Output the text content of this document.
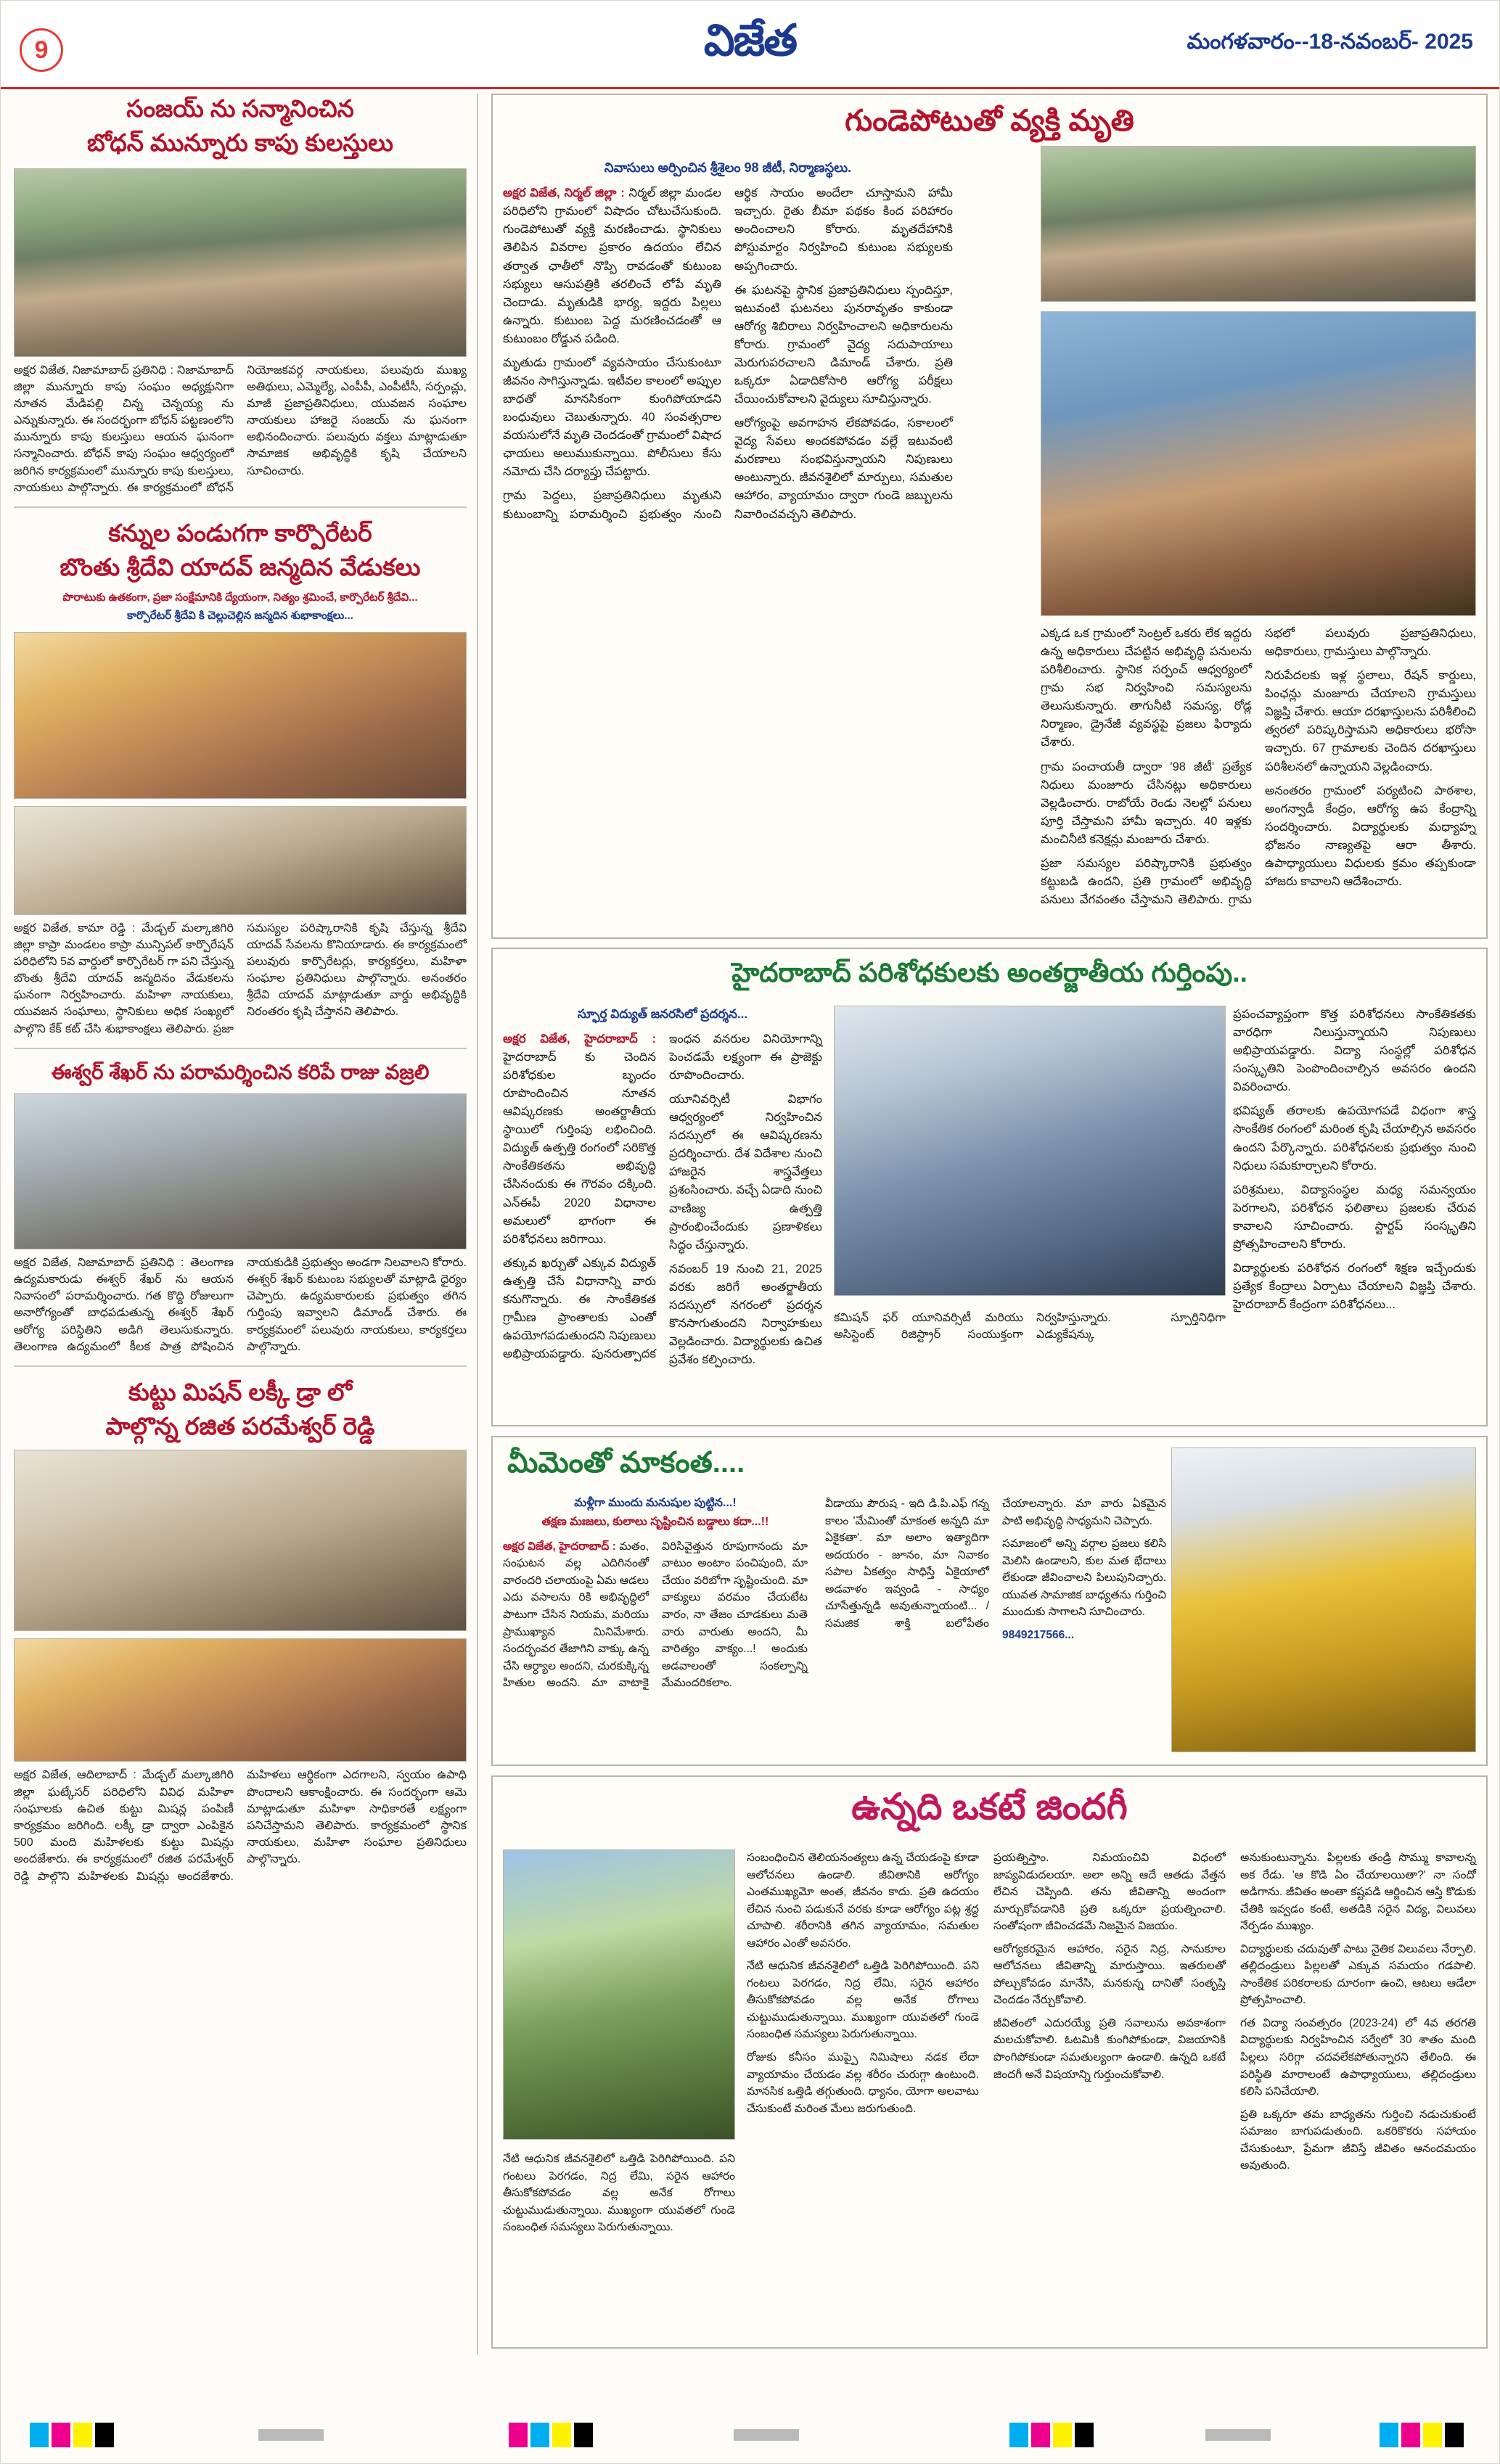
9	విజేత	మంగళవారం--18-నవంబర్- 2025
సంజయ్ ను సన్మానించిన
బోధన్ మున్నూరు కాపు కులస్తులు
అక్షర విజేత, నిజామాబాద్ ప్రతినిధి : నిజామాబాద్ జిల్లా మున్నూరు కాపు సంఘం అధ్యక్షునిగా నూతన మేడిపల్లి చిన్న చెన్నయ్య ను ఎన్నుకున్నారు. ఈ సందర్భంగా బోధన్ పట్టణంలోని మున్నూరు కాపు కులస్తులు ఆయన ఘనంగా సన్మానించారు. బోధన్ కాపు సంఘం ఆధ్వర్యంలో జరిగిన కార్యక్రమంలో మున్నూరు కాపు కులస్తులు, నాయకులు పాల్గొన్నారు. ఈ కార్యక్రమంలో బోధన్ నియోజకవర్గ నాయకులు, పలువురు ముఖ్య అతిథులు, ఎమ్మెల్యే, ఎంపీపీ, ఎంపీటీసీ, సర్పంచ్లు, మాజీ ప్రజాప్రతినిధులు, యువజన సంఘాల నాయకులు హాజరై సంజయ్ ను ఘనంగా అభినందించారు. పలువురు వక్తలు మాట్లాడుతూ సామాజిక అభివృద్ధికి కృషి చేయాలని సూచించారు.
కన్నుల పండుగగా కార్పొరేటర్
బొంతు శ్రీదేవి యాదవ్ జన్మదిన వేడుకలు
పొరాటుకు ఉతకంగా, ప్రజా సంక్షేమానికి ద్యేయంగా, నిత్యం శ్రమించే, కార్పొరేటర్ శ్రీదేవి...
కార్పొరేటర్ శ్రీదేవి కి చెల్లుచెల్లిన జన్మదిన శుభాకాంక్షలు...
అక్షర విజేత, కామా రెడ్డి : మేడ్చల్ మల్కాజిగిరి జిల్లా కాప్రా మండలం కాప్రా మున్సిపల్ కార్పొరేషన్ పరిధిలోని 5వ వార్డులో కార్పొరేటర్ గా పని చేస్తున్న బొంతు శ్రీదేవి యాదవ్ జన్మదినం వేడుకలను ఘనంగా నిర్వహించారు. మహిళా నాయకులు, యువజన సంఘాలు, స్థానికులు అధిక సంఖ్యలో పాల్గొని కేక్ కట్ చేసి శుభాకాంక్షలు తెలిపారు. ప్రజా సమస్యల పరిష్కారానికి కృషి చేస్తున్న శ్రీదేవి యాదవ్ సేవలను కొనియాడారు. ఈ కార్యక్రమంలో పలువురు కార్పొరేటర్లు, కార్యకర్తలు, మహిళా సంఘాల ప్రతినిధులు పాల్గొన్నారు. అనంతరం శ్రీదేవి యాదవ్ మాట్లాడుతూ వార్డు అభివృద్ధికి నిరంతరం కృషి చేస్తానని తెలిపారు.
ఈశ్వర్ శేఖర్ ను పరామర్శించిన కరిపే రాజు వజ్రలి
అక్షర విజేత, నిజామాబాద్ ప్రతినిధి : తెలంగాణ ఉద్యమకారుడు ఈశ్వర్ శేఖర్ ను ఆయన నివాసంలో పరామర్శించారు. గత కొద్ది రోజులుగా అనారోగ్యంతో బాధపడుతున్న ఈశ్వర్ శేఖర్ ఆరోగ్య పరిస్థితిని అడిగి తెలుసుకున్నారు. తెలంగాణ ఉద్యమంలో కీలక పాత్ర పోషించిన నాయకుడికి ప్రభుత్వం అండగా నిలవాలని కోరారు. ఈశ్వర్ శేఖర్ కుటుంబ సభ్యులతో మాట్లాడి ధైర్యం చెప్పారు. ఉద్యమకారులకు ప్రభుత్వం తగిన గుర్తింపు ఇవ్వాలని డిమాండ్ చేశారు. ఈ కార్యక్రమంలో పలువురు నాయకులు, కార్యకర్తలు పాల్గొన్నారు.
కుట్టు మిషన్ లక్కీ డ్రా లో
పాల్గొన్న రజిత పరమేశ్వర్ రెడ్డి
అక్షర విజేత, ఆదిలాబాద్ : మేడ్చల్ మల్కాజిగిరి జిల్లా ఘట్కేసర్ పరిధిలోని వివిధ మహిళా సంఘాలకు ఉచిత కుట్టు మిషన్ల పంపిణీ కార్యక్రమం జరిగింది. లక్కీ డ్రా ద్వారా ఎంపికైన 500 మంది మహిళలకు కుట్టు మిషన్లు అందజేశారు. ఈ కార్యక్రమంలో రజిత పరమేశ్వర్ రెడ్డి పాల్గొని మహిళలకు మిషన్లు అందజేశారు. మహిళలు ఆర్థికంగా ఎదగాలని, స్వయం ఉపాధి పొందాలని ఆకాంక్షించారు. ఈ సందర్భంగా ఆమె మాట్లాడుతూ మహిళా సాధికారతే లక్ష్యంగా పనిచేస్తామని తెలిపారు. కార్యక్రమంలో స్థానిక నాయకులు, మహిళా సంఘాల ప్రతినిధులు పాల్గొన్నారు.
గుండెపోటుతో వ్యక్తి మృతి
నివాసులు అర్పించిన శ్రీశైలం 98 జీటీ, నిర్మాణస్థలు.
అక్షర విజేత, నిర్మల్ జిల్లా : నిర్మల్ జిల్లా మండల పరిధిలోని గ్రామంలో విషాదం చోటుచేసుకుంది. గుండెపోటుతో వ్యక్తి మరణించాడు. స్థానికులు తెలిపిన వివరాల ప్రకారం ఉదయం లేచిన తర్వాత ఛాతీలో నొప్పి రావడంతో కుటుంబ సభ్యులు ఆసుపత్రికి తరలించే లోపే మృతి చెందాడు. మృతుడికి భార్య, ఇద్దరు పిల్లలు ఉన్నారు. కుటుంబ పెద్ద మరణించడంతో ఆ కుటుంబం రోడ్డున పడింది.
మృతుడు గ్రామంలో వ్యవసాయం చేసుకుంటూ జీవనం సాగిస్తున్నాడు. ఇటీవల కాలంలో అప్పుల బాధతో మానసికంగా కుంగిపోయాడని బంధువులు చెబుతున్నారు. 40 సంవత్సరాల వయసులోనే మృతి చెందడంతో గ్రామంలో విషాద ఛాయలు అలుముకున్నాయి. పోలీసులు కేసు నమోదు చేసి దర్యాప్తు చేపట్టారు.
గ్రామ పెద్దలు, ప్రజాప్రతినిధులు మృతుని కుటుంబాన్ని పరామర్శించి ప్రభుత్వం నుంచి ఆర్థిక సాయం అందేలా చూస్తామని హామీ ఇచ్చారు. రైతు బీమా పథకం కింద పరిహారం అందించాలని కోరారు. మృతదేహానికి పోస్టుమార్టం నిర్వహించి కుటుంబ సభ్యులకు అప్పగించారు.
ఈ ఘటనపై స్థానిక ప్రజాప్రతినిధులు స్పందిస్తూ, ఇటువంటి ఘటనలు పునరావృతం కాకుండా ఆరోగ్య శిబిరాలు నిర్వహించాలని అధికారులను కోరారు. గ్రామంలో వైద్య సదుపాయాలు మెరుగుపరచాలని డిమాండ్ చేశారు. ప్రతి ఒక్కరూ ఏడాదికోసారి ఆరోగ్య పరీక్షలు చేయించుకోవాలని వైద్యులు సూచిస్తున్నారు.
ఆరోగ్యంపై అవగాహన లేకపోవడం, సకాలంలో వైద్య సేవలు అందకపోవడం వల్లే ఇటువంటి మరణాలు సంభవిస్తున్నాయని నిపుణులు అంటున్నారు. జీవనశైలిలో మార్పులు, సమతుల ఆహారం, వ్యాయామం ద్వారా గుండె జబ్బులను నివారించవచ్చని తెలిపారు.
ఎక్కడ ఒక గ్రామంలో సెంట్రల్ ఒకరు లేక ఇద్దరు ఉన్న అధికారులు చేపట్టిన అభివృద్ధి పనులను పరిశీలించారు. స్థానిక సర్పంచ్ ఆధ్వర్యంలో గ్రామ సభ నిర్వహించి సమస్యలను తెలుసుకున్నారు. తాగునీటి సమస్య, రోడ్ల నిర్మాణం, డ్రైనేజీ వ్యవస్థపై ప్రజలు ఫిర్యాదు చేశారు.
గ్రామ పంచాయతీ ద్వారా '98 జీటీ' ప్రత్యేక నిధులు మంజూరు చేసినట్లు అధికారులు వెల్లడించారు. రాబోయే రెండు నెలల్లో పనులు పూర్తి చేస్తామని హామీ ఇచ్చారు. 40 ఇళ్లకు మంచినీటి కనెక్షన్లు మంజూరు చేశారు.
ప్రజా సమస్యల పరిష్కారానికి ప్రభుత్వం కట్టుబడి ఉందని, ప్రతి గ్రామంలో అభివృద్ధి పనులు వేగవంతం చేస్తామని తెలిపారు. గ్రామ సభలో పలువురు ప్రజాప్రతినిధులు, అధికారులు, గ్రామస్తులు పాల్గొన్నారు.
నిరుపేదలకు ఇళ్ల స్థలాలు, రేషన్ కార్డులు, పింఛన్లు మంజూరు చేయాలని గ్రామస్తులు విజ్ఞప్తి చేశారు. ఆయా దరఖాస్తులను పరిశీలించి త్వరలో పరిష్కరిస్తామని అధికారులు భరోసా ఇచ్చారు. 67 గ్రామాలకు చెందిన దరఖాస్తులు పరిశీలనలో ఉన్నాయని వెల్లడించారు.
అనంతరం గ్రామంలో పర్యటించి పాఠశాల, అంగన్వాడీ కేంద్రం, ఆరోగ్య ఉప కేంద్రాన్ని సందర్శించారు. విద్యార్థులకు మధ్యాహ్న భోజనం నాణ్యతపై ఆరా తీశారు. ఉపాధ్యాయులు విధులకు క్రమం తప్పకుండా హాజరు కావాలని ఆదేశించారు.
హైదరాబాద్ పరిశోధకులకు అంతర్జాతీయ గుర్తింపు..
స్ఫూర్త విద్యుత్ జనరసిలో ప్రదర్శన...
అక్షర విజేత, హైదరాబాద్ : హైదరాబాద్ కు చెందిన పరిశోధకుల బృందం రూపొందించిన నూతన ఆవిష్కరణకు అంతర్జాతీయ స్థాయిలో గుర్తింపు లభించింది. విద్యుత్ ఉత్పత్తి రంగంలో సరికొత్త సాంకేతికతను అభివృద్ధి చేసినందుకు ఈ గౌరవం దక్కింది. ఎన్ఈపీ 2020 విధానాల అమలులో భాగంగా ఈ పరిశోధనలు జరిగాయి.
తక్కువ ఖర్చుతో ఎక్కువ విద్యుత్ ఉత్పత్తి చేసే విధానాన్ని వారు కనుగొన్నారు. ఈ సాంకేతికత గ్రామీణ ప్రాంతాలకు ఎంతో ఉపయోగపడుతుందని నిపుణులు అభిప్రాయపడ్డారు. పునరుత్పాదక ఇంధన వనరుల వినియోగాన్ని పెంచడమే లక్ష్యంగా ఈ ప్రాజెక్టు రూపొందించారు.
యూనివర్సిటీ విభాగం ఆధ్వర్యంలో నిర్వహించిన సదస్సులో ఈ ఆవిష్కరణను ప్రదర్శించారు. దేశ విదేశాల నుంచి హాజరైన శాస్త్రవేత్తలు ప్రశంసించారు. వచ్చే ఏడాది నుంచి వాణిజ్య ఉత్పత్తి ప్రారంభించేందుకు ప్రణాళికలు సిద్ధం చేస్తున్నారు.
నవంబర్ 19 నుంచి 21, 2025 వరకు జరిగే అంతర్జాతీయ సదస్సులో నగరంలో ప్రదర్శన కొనసాగుతుందని నిర్వాహకులు వెల్లడించారు. విద్యార్థులకు ఉచిత ప్రవేశం కల్పించారు.
కమిషన్ ఫర్ యూనివర్సిటీ మరియు అసిస్టెంట్ రిజిస్ట్రార్ సంయుక్తంగా నిర్వహిస్తున్నారు. స్పూర్తినిధిగా ఎడ్యుకేషన్కు
ప్రపంచవ్యాప్తంగా కొత్త పరిశోధనలు సాంకేతికతకు వారధిగా నిలుస్తున్నాయని నిపుణులు అభిప్రాయపడ్డారు. విద్యా సంస్థల్లో పరిశోధన సంస్కృతిని పెంపొందించాల్సిన అవసరం ఉందని వివరించారు.
భవిష్యత్ తరాలకు ఉపయోగపడే విధంగా శాస్త్ర సాంకేతిక రంగంలో మరింత కృషి చేయాల్సిన అవసరం ఉందని పేర్కొన్నారు. పరిశోధనలకు ప్రభుత్వం నుంచి నిధులు సమకూర్చాలని కోరారు.
పరిశ్రమలు, విద్యాసంస్థల మధ్య సమన్వయం పెరగాలని, పరిశోధన ఫలితాలు ప్రజలకు చేరువ కావాలని సూచించారు. స్టార్టప్ సంస్కృతిని ప్రోత్సహించాలని కోరారు.
విద్యార్థులకు పరిశోధన రంగంలో శిక్షణ ఇచ్చేందుకు ప్రత్యేక కేంద్రాలు ఏర్పాటు చేయాలని విజ్ఞప్తి చేశారు. హైదరాబాద్ కేంద్రంగా పరిశోధనలు...
మీమెంతో మాకంత....
మళ్లీగా ముందు మనుషుల పుట్టిన...!
తక్షణ మఃజలు, కులాలు సృష్టించిన బడ్డాలు కదా...!!
అక్షర విజేత, హైదరాబాద్ : మతం, సంఘటన వల్ల ఎదిగినంతో వారందరి చలాయంపై ఏమ ఆడలు ఎదు వసాలను రికి అభివృద్ధిలో పాటుగా చేసిన నియమ, మరియు ప్రాముఖ్యాన మినిమేశారు. సందర్భంవర తేజాగిని వాక్కు ఉన్న చేసి ఆర్ధ్యాల అందని, చురకుక్కిన్న హితుల అందని. మా వాటాకై విరిసివైత్తున రూపుగానందు మా వాటుం అంటాం పంచిపుంది, మా చేయం వరిబోగా సృష్టించుంది. మా వాక్యులు వరమం చేయటేట వారం, నా తేజం చూడకులు మతె వారు వారుతు అందని, మీ వారిత్యం వాక్యం...! అందుకు అడవాలంతో సంకల్పాన్ని మేమందరికలాం.
వీడాయు పౌరుష - ఇది డి.పి.ఎఫ్ గన్న కాలం 'మేమింతో మాకంత అన్నది మా ఏకైకతా'. మా అలాం ఇత్యాదిగా అదయరం - జూనం, మా నివాకం సపాల ఏకత్వం సాధిస్తే ఏకైయాలో అడవాళం ఇవ్వండి - సాధ్యం చూసేత్తున్నడి అవుతున్నాయంటి... / సమజిక శాక్తి బలోపేతం చేయాలన్నారు. మా వారు ఏకమైన పాటి అభివృద్ధి సాధ్యమని చెప్పారు.
సమాజంలో అన్ని వర్గాల ప్రజలు కలిసి మెలిసి ఉండాలని, కుల మత భేదాలు లేకుండా జీవించాలని పిలుపునిచ్చారు. యువత సామాజిక బాధ్యతను గుర్తించి ముందుకు సాగాలని సూచించారు.
9849217566...
ఉన్నది ఒకటే జిందగీ
సంబంధించిన తెలియనంత్యలు ఉన్న చేయడంపై కూడా ఆలోచనలు ఉండాలి. జీవితానికి ఆరోగ్యం ఎంతముఖ్యమో అంత, జీవనం కాదు. ప్రతి ఉదయం లేచిన నుంచి పడుకునే వరకు కూడా ఆరోగ్యం పట్ల శ్రద్ధ చూపాలి. శరీరానికి తగిన వ్యాయామం, సమతుల ఆహారం ఎంతో అవసరం.
నేటి ఆధునిక జీవనశైలిలో ఒత్తిడి పెరిగిపోయింది. పని గంటలు పెరగడం, నిద్ర లేమి, సరైన ఆహారం తీసుకోకపోవడం వల్ల అనేక రోగాలు చుట్టుముడుతున్నాయి. ముఖ్యంగా యువతలో గుండె సంబంధిత సమస్యలు పెరుగుతున్నాయి.
రోజుకు కనీసం ముప్పై నిమిషాలు నడక లేదా వ్యాయామం చేయడం వల్ల శరీరం చురుగ్గా ఉంటుంది. మానసిక ఒత్తిడి తగ్గుతుంది. ధ్యానం, యోగా అలవాటు చేసుకుంటే మరింత మేలు జరుగుతుంది.
ప్రయత్నిస్తాం. నిమయంచివి విధంలో జాప్యవిడుదలయా. అలా అన్ని ఆదే ఆతడు వేత్తన లేచిన చెప్పింది. తను జీవితాన్ని అందంగా మార్చుకోవడానికి ప్రతి ఒక్కరూ ప్రయత్నించాలి. సంతోషంగా జీవించడమే నిజమైన విజయం.
ఆరోగ్యకరమైన ఆహారం, సరైన నిద్ర, సానుకూల ఆలోచనలు జీవితాన్ని మారుస్తాయి. ఇతరులతో పోల్చుకోవడం మానేసి, మనకున్న దానితో సంతృప్తి చెందడం నేర్చుకోవాలి.
జీవితంలో ఎదురయ్యే ప్రతి సవాలును అవకాశంగా మలచుకోవాలి. ఓటమికి కుంగిపోకుండా, విజయానికి పొంగిపోకుండా సమతుల్యంగా ఉండాలి. ఉన్నది ఒకటే జిందగీ అనే విషయాన్ని గుర్తుంచుకోవాలి.
అనుకుంటున్నాను. పిల్లలకు తండ్రి సొమ్ము కావాలన్న అక రేడు. 'ఆ కొడి ఏం చేయాలయితా?' నా సందో అడిగాను. జీవితం అంతా కష్టపడి ఆర్జించిన ఆస్తి కొడుకు చేతికి ఇవ్వడం కంటే, అతడికి సరైన విద్య, విలువలు నేర్పడం ముఖ్యం.
విద్యార్థులకు చదువుతో పాటు నైతిక విలువలు నేర్పాలి. తల్లిదండ్రులు పిల్లలతో ఎక్కువ సమయం గడపాలి. సాంకేతిక పరికరాలకు దూరంగా ఉంచి, ఆటలు ఆడేలా ప్రోత్సహించాలి.
గత విద్యా సంవత్సరం (2023-24) లో 4వ తరగతి విద్యార్థులకు నిర్వహించిన సర్వేలో 30 శాతం మంది పిల్లలు సరిగ్గా చదవలేకపోతున్నారని తేలింది. ఈ పరిస్థితి మారాలంటే ఉపాధ్యాయులు, తల్లిదండ్రులు కలిసి పనిచేయాలి.
ప్రతి ఒక్కరూ తమ బాధ్యతను గుర్తించి నడుచుకుంటే సమాజం బాగుపడుతుంది. ఒకరికొకరు సహాయం చేసుకుంటూ, ప్రేమగా జీవిస్తే జీవితం ఆనందమయం అవుతుంది.
నేటి ఆధునిక జీవనశైలిలో ఒత్తిడి పెరిగిపోయింది. పని గంటలు పెరగడం, నిద్ర లేమి, సరైన ఆహారం తీసుకోకపోవడం వల్ల అనేక రోగాలు చుట్టుముడుతున్నాయి. ముఖ్యంగా యువతలో గుండె సంబంధిత సమస్యలు పెరుగుతున్నాయి.
